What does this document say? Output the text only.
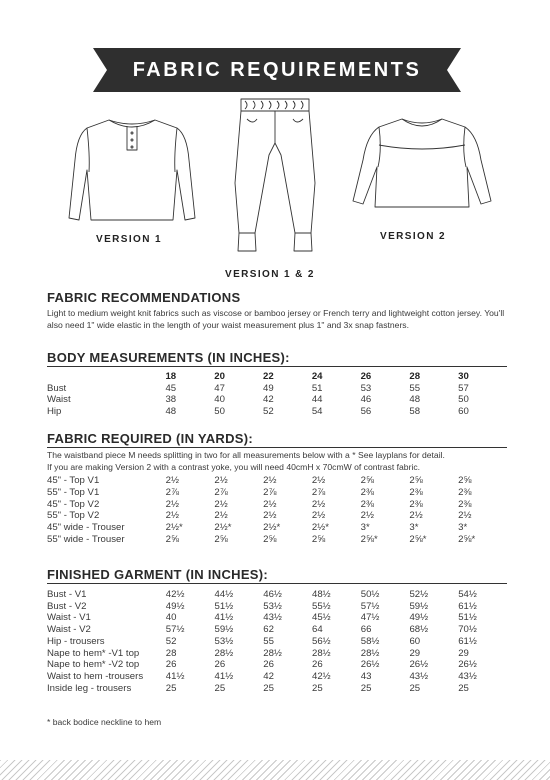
FABRIC REQUIREMENTS
VERSION 1
VERSION 1 & 2
VERSION 2
FABRIC RECOMMENDATIONS
Light to medium weight knit fabrics such as viscose or bamboo jersey or French terry and lightweight cotton jersey. You'll also need 1" wide elastic in the length of your waist measurement plus 1" and 3x snap fastners.
BODY MEASUREMENTS (IN INCHES):
	18	20	22	24	26	28	30
Bust	45	47	49	51	53	55	57
Waist	38	40	42	44	46	48	50
Hip	48	50	52	54	56	58	60
FABRIC REQUIRED (IN YARDS):
The waistband piece M needs splitting in two for all measurements below with a * See layplans for detail.
If you are making Version 2 with a contrast yoke, you will need 40cmH x 70cmW of contrast fabric.
45" - Top V1	2½	2½	2½	2½	2⅝	2⅝	2⅝
55" - Top V1	2⅞	2⅞	2⅞	2⅞	2⅜	2⅜	2⅜
45" - Top V2	2½	2½	2½	2½	2⅜	2⅜	2⅜
55" - Top V2	2½	2½	2½	2½	2½	2½	2½
45" wide - Trouser	2½*	2½*	2½*	2½*	3*	3*	3*
55" wide - Trouser	2⅝	2⅝	2⅝	2⅝	2⅝*	2⅝*	2⅝*
FINISHED GARMENT (IN INCHES):
Bust - V1	42½	44½	46½	48½	50½	52½	54½
Bust - V2	49½	51½	53½	55½	57½	59½	61½
Waist - V1	40	41½	43½	45½	47½	49½	51½
Waist - V2	57½	59½	62	64	66	68½	70½
Hip - trousers	52	53½	55	56½	58½	60	61½
Nape to hem* -V1 top	28	28½	28½	28½	28½	29	29
Nape to hem* -V2 top	26	26	26	26	26½	26½	26½
Waist to hem -trousers	41½	41½	42	42½	43	43½	43½
Inside leg - trousers	25	25	25	25	25	25	25
* back bodice neckline to hem
